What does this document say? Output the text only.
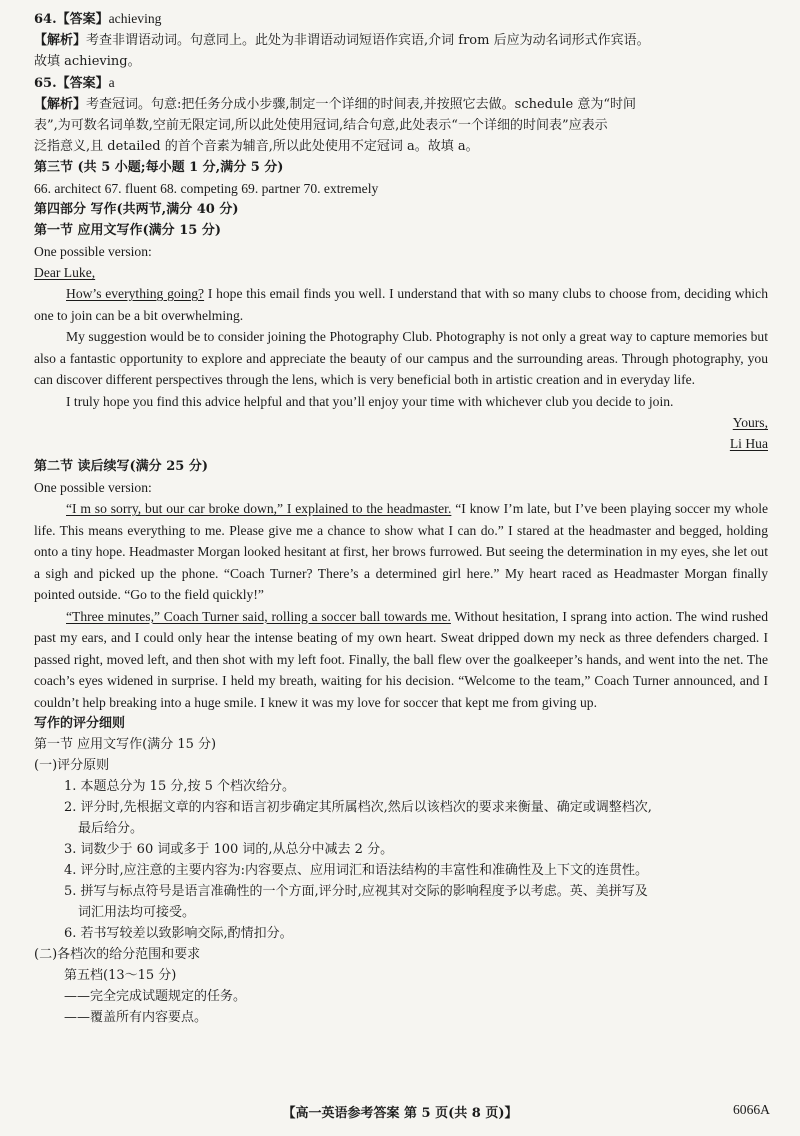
64.【答案】achieving
【解析】考查非谓语动词。句意同上。此处为非谓语动词短语作宾语,介词 from 后应为动名词形式作宾语。
故填 achieving。
65.【答案】a
【解析】考查冠词。句意:把任务分成小步骤,制定一个详细的时间表,并按照它去做。schedule 意为“时间
表”,为可数名词单数,空前无限定词,所以此处使用冠词,结合句意,此处表示“一个详细的时间表”应表示
泛指意义,且 detailed 的首个音素为辅音,所以此处使用不定冠词 a。故填 a。
第三节 (共 5 小题;每小题 1 分,满分 5 分)
66. architect 67. fluent 68. competing 69. partner 70. extremely
第四部分 写作(共两节,满分 40 分)
第一节 应用文写作(满分 15 分)
One possible version:
Dear Luke,
How’s everything going? I hope this email finds you well. I understand that with so many clubs to choose from, deciding which one to join can be a bit overwhelming.
My suggestion would be to consider joining the Photography Club. Photography is not only a great way to capture memories but also a fantastic opportunity to explore and appreciate the beauty of our campus and the surrounding areas. Through photography, you can discover different perspectives through the lens, which is very beneficial both in artistic creation and in everyday life.
I truly hope you find this advice helpful and that you’ll enjoy your time with whichever club you decide to join.
Yours,
Li Hua
第二节 读后续写(满分 25 分)
One possible version:
“I m so sorry, but our car broke down,” I explained to the headmaster. “I know I’m late, but I’ve been playing soccer my whole life. This means everything to me. Please give me a chance to show what I can do.” I stared at the headmaster and begged, holding onto a tiny hope. Headmaster Morgan looked hesitant at first, her brows furrowed. But seeing the determination in my eyes, she let out a sigh and picked up the phone. “Coach Turner? There’s a determined girl here.” My heart raced as Headmaster Morgan finally pointed outside. “Go to the field quickly!”
“Three minutes,” Coach Turner said, rolling a soccer ball towards me. Without hesitation, I sprang into action. The wind rushed past my ears, and I could only hear the intense beating of my own heart. Sweat dripped down my neck as three defenders charged. I passed right, moved left, and then shot with my left foot. Finally, the ball flew over the goalkeeper’s hands, and went into the net. The coach’s eyes widened in surprise. I held my breath, waiting for his decision. “Welcome to the team,” Coach Turner announced, and I couldn’t help breaking into a huge smile. I knew it was my love for soccer that kept me from giving up.
写作的评分细则
第一节 应用文写作(满分 15 分)
(一)评分原则
1. 本题总分为 15 分,按 5 个档次给分。
2. 评分时,先根据文章的内容和语言初步确定其所属档次,然后以该档次的要求来衡量、确定或调整档次,
最后给分。
3. 词数少于 60 词或多于 100 词的,从总分中减去 2 分。
4. 评分时,应注意的主要内容为:内容要点、应用词汇和语法结构的丰富性和准确性及上下文的连贯性。
5. 拼写与标点符号是语言准确性的一个方面,评分时,应视其对交际的影响程度予以考虑。英、美拼写及
词汇用法均可接受。
6. 若书写较差以致影响交际,酌情扣分。
(二)各档次的给分范围和要求
第五档(13～15 分)
——完全完成试题规定的任务。
——覆盖所有内容要点。
【高一英语参考答案 第 5 页(共 8 页)】	6066A
